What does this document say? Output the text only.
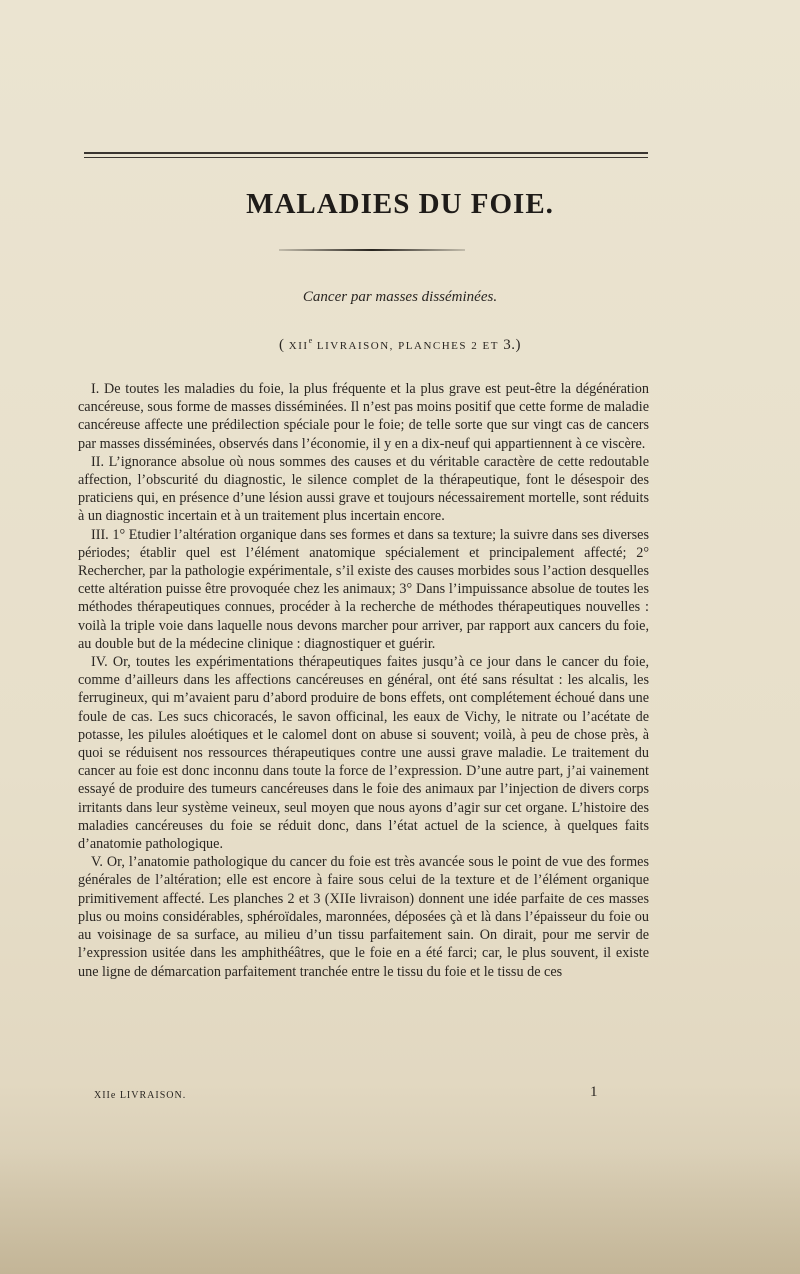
MALADIES DU FOIE.
Cancer par masses disséminées.
( XIIe LIVRAISON, PLANCHES 2 ET 3.)

I. De toutes les maladies du foie, la plus fréquente et la plus grave est peut-être la dégénération cancéreuse, sous forme de masses disséminées. Il n’est pas moins positif que cette forme de maladie cancéreuse affecte une prédilection spéciale pour le foie; de telle sorte que sur vingt cas de cancers par masses disséminées, observés dans l’économie, il y en a dix-neuf qui appartiennent à ce viscère.

II. L’ignorance absolue où nous sommes des causes et du véritable caractère de cette redoutable affection, l’obscurité du diagnostic, le silence complet de la thérapeutique, font le désespoir des praticiens qui, en présence d’une lésion aussi grave et toujours nécessairement mortelle, sont réduits à un diagnostic incertain et à un traitement plus incertain encore.

III. 1° Etudier l’altération organique dans ses formes et dans sa texture; la suivre dans ses diverses périodes; établir quel est l’élément anatomique spécialement et principalement affecté; 2° Rechercher, par la pathologie expérimentale, s’il existe des causes morbides sous l’action desquelles cette altération puisse être provoquée chez les animaux; 3° Dans l’impuissance absolue de toutes les méthodes thérapeutiques connues, procéder à la recherche de méthodes thérapeutiques nouvelles : voilà la triple voie dans laquelle nous devons marcher pour arriver, par rapport aux cancers du foie, au double but de la médecine clinique : diagnostiquer et guérir.

IV. Or, toutes les expérimentations thérapeutiques faites jusqu’à ce jour dans le cancer du foie, comme d’ailleurs dans les affections cancéreuses en général, ont été sans résultat : les alcalis, les ferrugineux, qui m’avaient paru d’abord produire de bons effets, ont complétement échoué dans une foule de cas. Les sucs chicoracés, le savon officinal, les eaux de Vichy, le nitrate ou l’acétate de potasse, les pilules aloétiques et le calomel dont on abuse si souvent; voilà, à peu de chose près, à quoi se réduisent nos ressources thérapeutiques contre une aussi grave maladie. Le traitement du cancer au foie est donc inconnu dans toute la force de l’expression. D’une autre part, j’ai vainement essayé de produire des tumeurs cancéreuses dans le foie des animaux par l’injection de divers corps irritants dans leur système veineux, seul moyen que nous ayons d’agir sur cet organe. L’histoire des maladies cancéreuses du foie se réduit donc, dans l’état actuel de la science, à quelques faits d’anatomie pathologique.

V. Or, l’anatomie pathologique du cancer du foie est très avancée sous le point de vue des formes générales de l’altération; elle est encore à faire sous celui de la texture et de l’élément organique primitivement affecté. Les planches 2 et 3 (XIIe livraison) donnent une idée parfaite de ces masses plus ou moins considérables, sphéroïdales, maronnées, déposées çà et là dans l’épaisseur du foie ou au voisinage de sa surface, au milieu d’un tissu parfaitement sain. On dirait, pour me servir de l’expression usitée dans les amphithéâtres, que le foie en a été farci; car, le plus souvent, il existe une ligne de démarcation parfaitement tranchée entre le tissu du foie et le tissu de ces

XIIe LIVRAISON.	1
